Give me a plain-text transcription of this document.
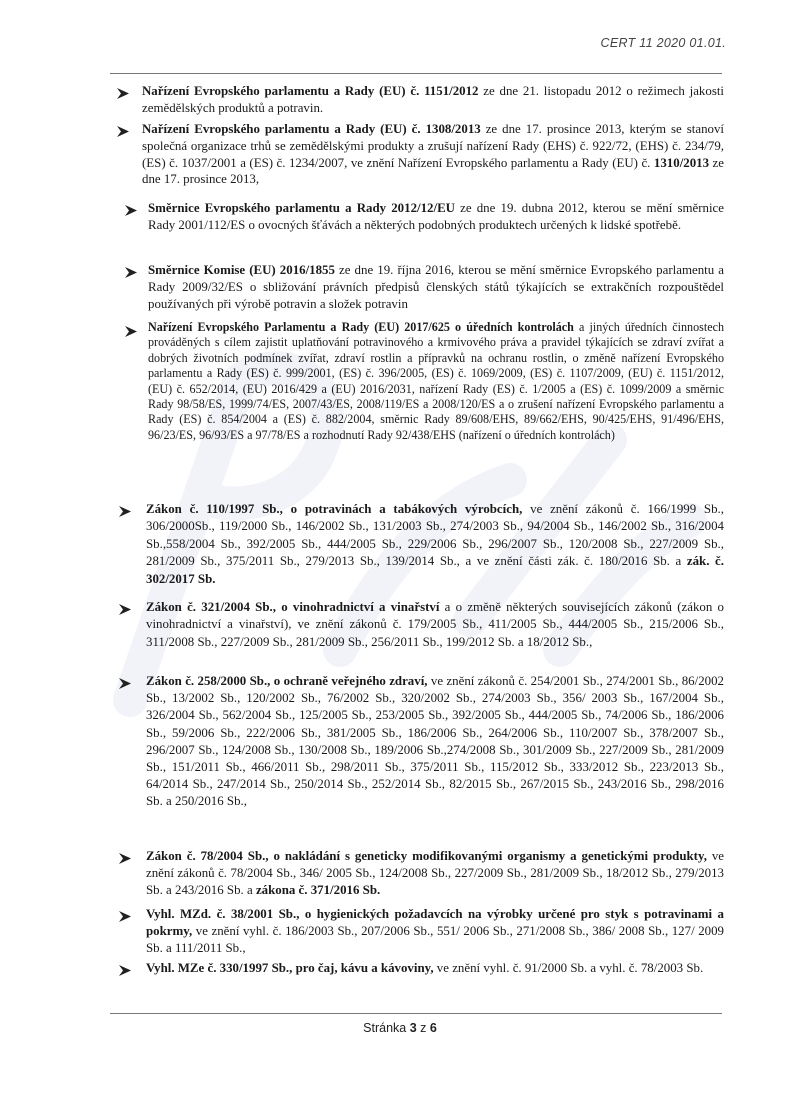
CERT 11 2020 01.01.
Nařízení Evropského parlamentu a Rady (EU) č. 1151/2012 ze dne 21. listopadu 2012 o režimech jakosti zemědělských produktů a potravin.
Nařízení Evropského parlamentu a Rady (EU) č. 1308/2013 ze dne 17. prosince 2013, kterým se stanoví společná organizace trhů se zemědělskými produkty a zrušují nařízení Rady (EHS) č. 922/72, (EHS) č. 234/79, (ES) č. 1037/2001 a (ES) č. 1234/2007, ve znění Nařízení Evropského parlamentu a Rady (EU) č. 1310/2013 ze dne 17. prosince 2013,
Směrnice Evropského parlamentu a Rady 2012/12/EU ze dne 19. dubna 2012, kterou se mění směrnice Rady 2001/112/ES o ovocných šťávách a některých podobných produktech určených k lidské spotřebě.
Směrnice Komise (EU) 2016/1855 ze dne 19. října 2016, kterou se mění směrnice Evropského parlamentu a Rady 2009/32/ES o sbližování právních předpisů členských států týkajících se extrakčních rozpouštědel používaných při výrobě potravin a složek potravin
Nařízení Evropského Parlamentu a Rady (EU) 2017/625 o úředních kontrolách a jiných úředních činnostech prováděných s cílem zajistit uplatňování potravinového a krmivového práva a pravidel týkajících se zdraví zvířat a dobrých životních podmínek zvířat, zdraví rostlin a přípravků na ochranu rostlin, o změně nařízení Evropského parlamentu a Rady (ES) č. 999/2001, (ES) č. 396/2005, (ES) č. 1069/2009, (ES) č. 1107/2009, (EU) č. 1151/2012, (EU) č. 652/2014, (EU) 2016/429 a (EU) 2016/2031, nařízení Rady (ES) č. 1/2005 a (ES) č. 1099/2009 a směrnic Rady 98/58/ES, 1999/74/ES, 2007/43/ES, 2008/119/ES a 2008/120/ES a o zrušení nařízení Evropského parlamentu a Rady (ES) č. 854/2004 a (ES) č. 882/2004, směrnic Rady 89/608/EHS, 89/662/EHS, 90/425/EHS, 91/496/EHS, 96/23/ES, 96/93/ES a 97/78/ES a rozhodnutí Rady 92/438/EHS (nařízení o úředních kontrolách)
Zákon č. 110/1997 Sb., o potravinách a tabákových výrobcích, ve znění zákonů č. 166/1999 Sb., 306/2000Sb., 119/2000 Sb., 146/2002 Sb., 131/2003 Sb., 274/2003 Sb., 94/2004 Sb., 146/2002 Sb., 316/2004 Sb.,558/2004 Sb., 392/2005 Sb., 444/2005 Sb., 229/2006 Sb., 296/2007 Sb., 120/2008 Sb., 227/2009 Sb., 281/2009 Sb., 375/2011 Sb., 279/2013 Sb., 139/2014 Sb., a ve znění části zák. č. 180/2016 Sb. a zák. č. 302/2017 Sb.
Zákon č. 321/2004 Sb., o vinohradnictví a vinařství a o změně některých souvisejících zákonů (zákon o vinohradnictví a vinařství), ve znění zákonů č. 179/2005 Sb., 411/2005 Sb., 444/2005 Sb., 215/2006 Sb., 311/2008 Sb., 227/2009 Sb., 281/2009 Sb., 256/2011 Sb., 199/2012 Sb. a 18/2012 Sb.,
Zákon č. 258/2000 Sb., o ochraně veřejného zdraví, ve znění zákonů č. 254/2001 Sb., 274/2001 Sb., 86/2002 Sb., 13/2002 Sb., 120/2002 Sb., 76/2002 Sb., 320/2002 Sb., 274/2003 Sb., 356/ 2003 Sb., 167/2004 Sb., 326/2004 Sb., 562/2004 Sb., 125/2005 Sb., 253/2005 Sb., 392/2005 Sb., 444/2005 Sb., 74/2006 Sb., 186/2006 Sb., 59/2006 Sb., 222/2006 Sb., 381/2005 Sb., 186/2006 Sb., 264/2006 Sb., 110/2007 Sb., 378/2007 Sb., 296/2007 Sb., 124/2008 Sb., 130/2008 Sb., 189/2006 Sb.,274/2008 Sb., 301/2009 Sb., 227/2009 Sb., 281/2009 Sb., 151/2011 Sb., 466/2011 Sb., 298/2011 Sb., 375/2011 Sb., 115/2012 Sb., 333/2012 Sb., 223/2013 Sb., 64/2014 Sb., 247/2014 Sb., 250/2014 Sb., 252/2014 Sb., 82/2015 Sb., 267/2015 Sb., 243/2016 Sb., 298/2016 Sb. a 250/2016 Sb.,
Zákon č. 78/2004 Sb., o nakládání s geneticky modifikovanými organismy a genetickými produkty, ve znění zákonů č. 78/2004 Sb., 346/ 2005 Sb., 124/2008 Sb., 227/2009 Sb., 281/2009 Sb., 18/2012 Sb., 279/2013 Sb. a 243/2016 Sb. a zákona č. 371/2016 Sb.
Vyhl. MZd. č. 38/2001 Sb., o hygienických požadavcích na výrobky určené pro styk s potravinami a pokrmy, ve znění vyhl. č. 186/2003 Sb., 207/2006 Sb., 551/ 2006 Sb., 271/2008 Sb., 386/ 2008 Sb., 127/ 2009 Sb. a 111/2011 Sb.,
Vyhl. MZe č. 330/1997 Sb., pro čaj, kávu a kávoviny, ve znění vyhl. č. 91/2000 Sb. a vyhl. č. 78/2003 Sb.
Stránka 3 z 6
